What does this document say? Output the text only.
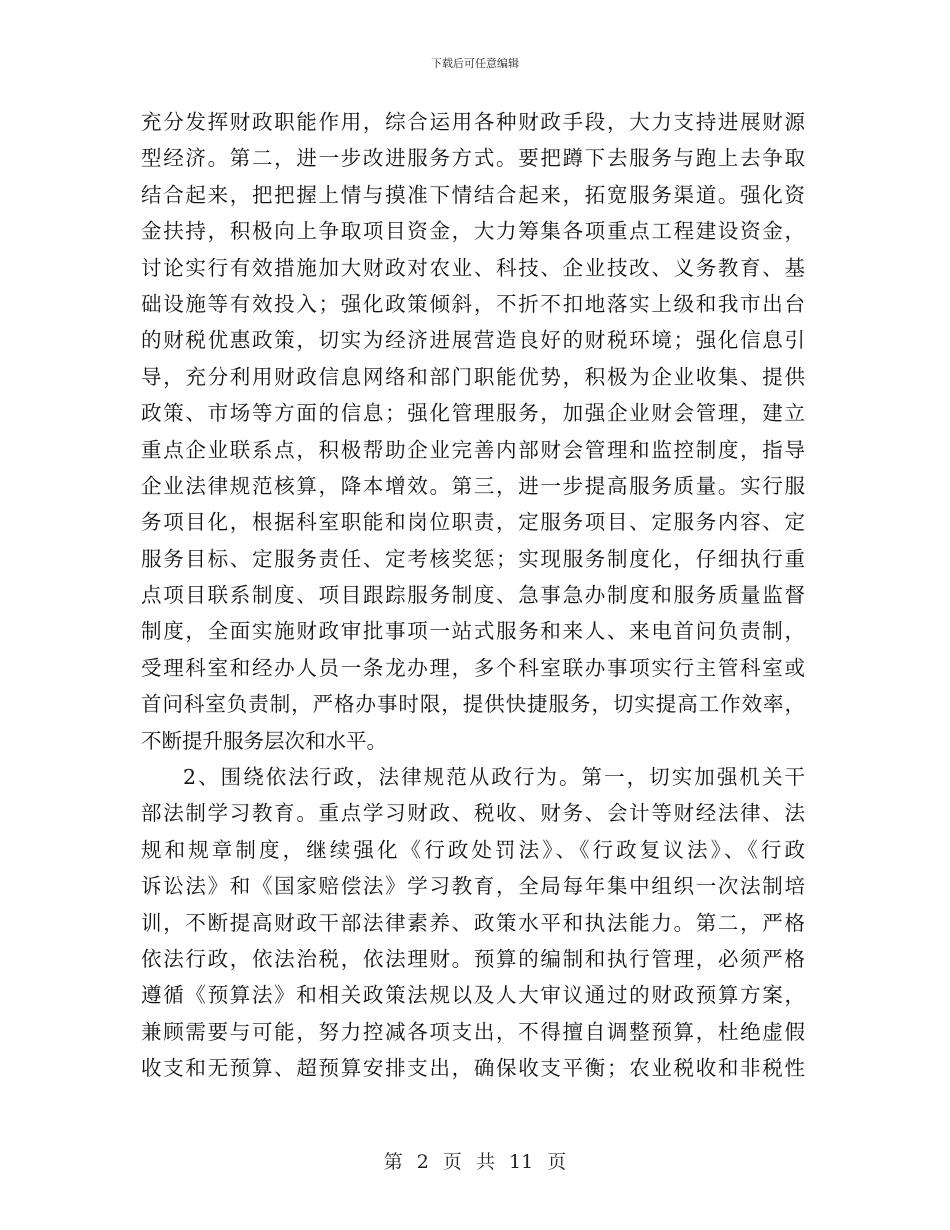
下载后可任意编辑
充分发挥财政职能作用，综合运用各种财政手段，大力支持进展财源
型经济。第二，进一步改进服务方式。要把蹲下去服务与跑上去争取
结合起来，把把握上情与摸准下情结合起来，拓宽服务渠道。强化资
金扶持，积极向上争取项目资金，大力筹集各项重点工程建设资金，
讨论实行有效措施加大财政对农业、科技、企业技改、义务教育、基
础设施等有效投入；强化政策倾斜，不折不扣地落实上级和我市出台
的财税优惠政策，切实为经济进展营造良好的财税环境；强化信息引
导，充分利用财政信息网络和部门职能优势，积极为企业收集、提供
政策、市场等方面的信息；强化管理服务，加强企业财会管理，建立
重点企业联系点，积极帮助企业完善内部财会管理和监控制度，指导
企业法律规范核算，降本增效。第三，进一步提高服务质量。实行服
务项目化，根据科室职能和岗位职责，定服务项目、定服务内容、定
服务目标、定服务责任、定考核奖惩；实现服务制度化，仔细执行重
点项目联系制度、项目跟踪服务制度、急事急办制度和服务质量监督
制度，全面实施财政审批事项一站式服务和来人、来电首问负责制，
受理科室和经办人员一条龙办理，多个科室联办事项实行主管科室或
首问科室负责制，严格办事时限，提供快捷服务，切实提高工作效率，
不断提升服务层次和水平。
2、围绕依法行政，法律规范从政行为。第一，切实加强机关干
部法制学习教育。重点学习财政、税收、财务、会计等财经法律、法
规和规章制度，继续强化《行政处罚法》、《行政复议法》、《行政
诉讼法》和《国家赔偿法》学习教育，全局每年集中组织一次法制培
训，不断提高财政干部法律素养、政策水平和执法能力。第二，严格
依法行政，依法治税，依法理财。预算的编制和执行管理，必须严格
遵循《预算法》和相关政策法规以及人大审议通过的财政预算方案，
兼顾需要与可能，努力控减各项支出，不得擅自调整预算，杜绝虚假
收支和无预算、超预算安排支出，确保收支平衡；农业税收和非税性
第 2 页 共 11 页
